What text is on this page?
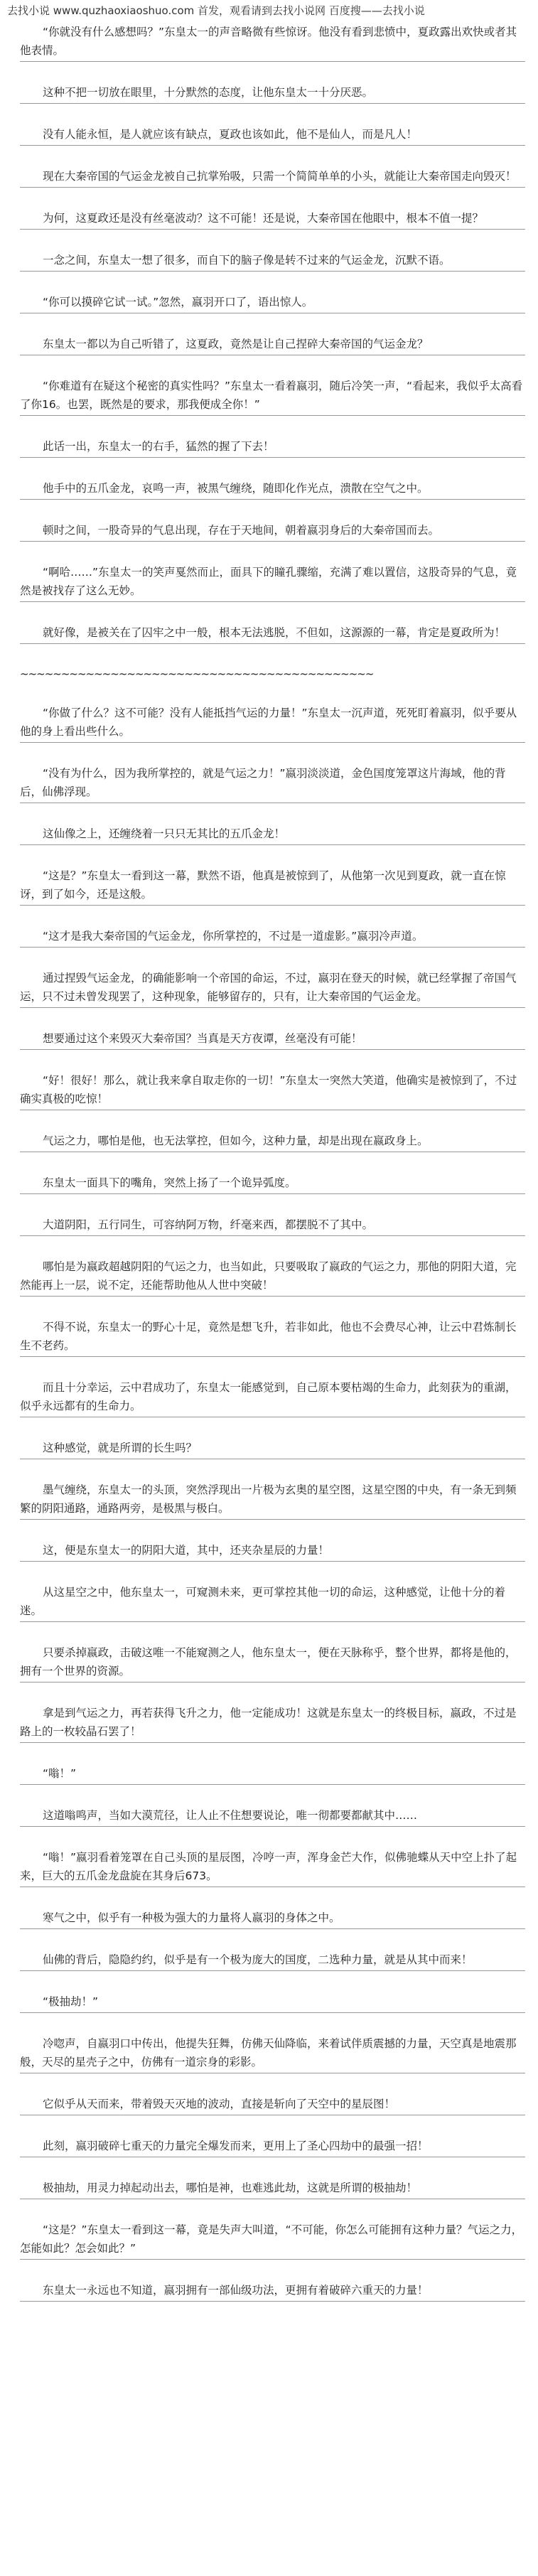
去找小说 www.quzhaoxiaoshuo.com 首发，观看请到去找小说网 百度搜——去找小说

“你就没有什么感想吗？”东皇太一的声音略微有些惊讶。他没有看到悲愤中，夏政露出欢快或者其他表情。

这种不把一切放在眼里，十分默然的态度，让他东皇太一十分厌恶。

没有人能永恒，是人就应该有缺点，夏政也该如此，他不是仙人，而是凡人！

现在大秦帝国的气运金龙被自己抗掌殆吸，只需一个简简单单的小头，就能让大秦帝国走向毁灭！

为何，这夏政还是没有丝毫波动？这不可能！还是说，大秦帝国在他眼中，根本不值一提？

一念之间，东皇太一想了很多，而自下的脑子像是转不过来的气运金龙，沉默不语。

“你可以摸碎它试一试。”忽然，嬴羽开口了，语出惊人。

东皇太一都以为自己听错了，这夏政，竟然是让自己捏碎大秦帝国的气运金龙？

“你难道有在疑这个秘密的真实性吗？”东皇太一看着嬴羽，随后冷笑一声，“看起来，我似乎太高看了你16。也罢，既然是的要求，那我便成全你！”

此话一出，东皇太一的右手，猛然的握了下去！

他手中的五爪金龙，哀鸣一声，被黑气缠绕，随即化作光点，溃散在空气之中。

顿时之间，一股奇异的气息出现，存在于天地间，朝着嬴羽身后的大秦帝国而去。

“啊哈……”东皇太一的笑声戛然而止，面具下的瞳孔骤缩，充满了难以置信，这股奇异的气息，竟然是被找存了这么无妙。

就好像，是被关在了囚牢之中一般，根本无法逃脱，不但如，这源源的一幕，肯定是夏政所为！

~~~~~~~~~~~~~~~~~~~~~~~~~~~~~~~~~~~~~~~~~~~

“你做了什么？这不可能？没有人能抵挡气运的力量！”东皇太一沉声道，死死盯着嬴羽，似乎要从他的身上看出些什么。

“没有为什么，因为我所掌控的，就是气运之力！”嬴羽淡淡道，金色国度笼罩这片海域，他的背后，仙佛浮现。

这仙像之上，还缠绕着一只只无其比的五爪金龙！

“这是？”东皇太一看到这一幕，默然不语，他真是被惊到了，从他第一次见到夏政，就一直在惊讶，到了如今，还是这般。

“这才是我大秦帝国的气运金龙，你所掌控的，不过是一道虚影。”嬴羽冷声道。

通过捏毁气运金龙，的确能影响一个帝国的命运，不过，嬴羽在登天的时候，就已经掌握了帝国气运，只不过未曾发现罢了，这种现象，能够留存的，只有，让大秦帝国的气运金龙。

想要通过这个来毁灭大秦帝国？当真是天方夜谭，丝毫没有可能！

“好！很好！那么，就让我来拿自取走你的一切！”东皇太一突然大笑道，他确实是被惊到了，不过确实真极的吃惊！

气运之力，哪怕是他，也无法掌控，但如今，这种力量，却是出现在嬴政身上。

东皇太一面具下的嘴角，突然上扬了一个诡异弧度。

大道阴阳，五行同生，可容纳阿万物，纤毫来西，都摆脱不了其中。

哪怕是为嬴政超越阴阳的气运之力，也当如此，只要吸取了嬴政的气运之力，那他的阴阳大道，完然能再上一层，说不定，还能帮助他从人世中突破！

不得不说，东皇太一的野心十足，竟然是想飞升，若非如此，他也不会费尽心神，让云中君炼制长生不老药。

而且十分幸运，云中君成功了，东皇太一能感觉到，自己原本要枯竭的生命力，此刻获为的重湖，似乎永远都有的生命力。

这种感觉，就是所谓的长生吗？

墨气缠绕，东皇太一的头顶，突然浮现出一片极为玄奥的星空图，这星空图的中央，有一条无到频繁的阴阳通路，通路两旁，是极黑与极白。

这，便是东皇太一的阴阳大道，其中，还夹杂星辰的力量！

从这星空之中，他东皇太一，可窥测未来，更可掌控其他一切的命运，这种感觉，让他十分的着迷。

只要杀掉嬴政，击破这唯一不能窥测之人，他东皇太一，便在天脉称乎，整个世界，都将是他的，拥有一个世界的资源。

拿是到气运之力，再若获得飞升之力，他一定能成功！这就是东皇太一的终极目标，嬴政，不过是路上的一枚较晶石罢了！

“嗡！”

这道嗡鸣声，当如大漠荒径，让人止不住想要说论，唯一彻都要都献其中……

“嗡！”嬴羽看着笼罩在自己头顶的星辰图，冷哼一声，浑身金芒大作，似佛驰蝶从天中空上扑了起来，巨大的五爪金龙盘旋在其身后673。

寒气之中，似乎有一种极为强大的力量将人嬴羽的身体之中。

仙佛的背后，隐隐约约，似乎是有一个极为庞大的国度，二选种力量，就是从其中而来！

“极抽劫！”

冷唿声，自嬴羽口中传出，他提失狂舞，仿佛天仙降临，来着试伴质震撼的力量，天空真是地震那般，天尽的星壳子之中，仿佛有一道宗身的彩影。

它似乎从天而来，带着毁天灭地的波动，直接是斩向了天空中的星辰图！

此刻，嬴羽破碎七重天的力量完全爆发而来，更用上了圣心四劫中的最强一招！

极抽劫，用灵力掉起动出去，哪怕是神，也难逃此劫，这就是所谓的极抽劫！

“这是？”东皇太一看到这一幕，竟是失声大叫道，“不可能，你怎么可能拥有这种力量？气运之力，怎能如此？怎会如此？”

东皇太一永远也不知道，嬴羽拥有一部仙级功法，更拥有着破碎六重天的力量！
